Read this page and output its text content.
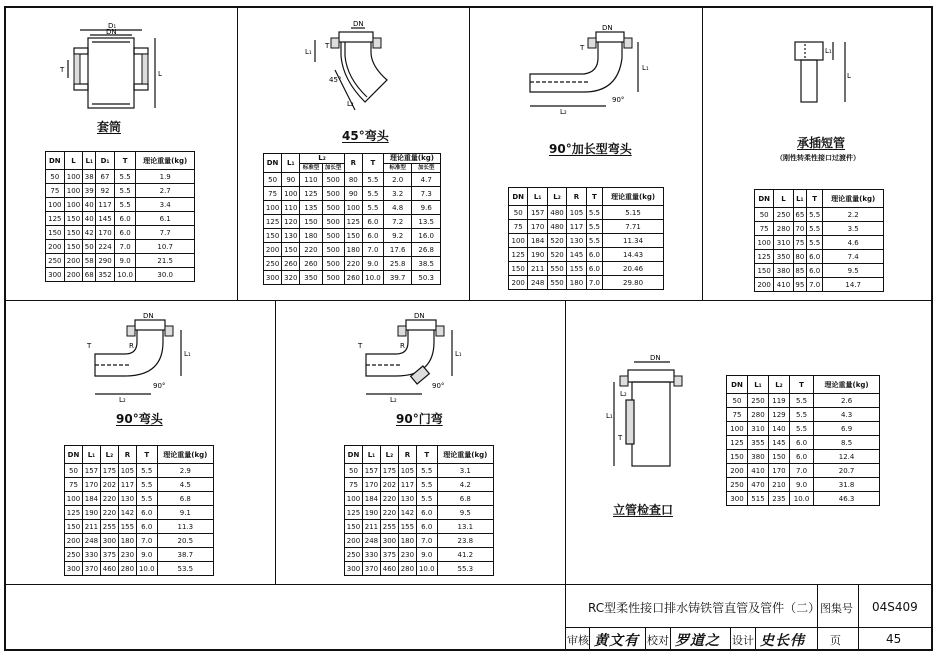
D₁
DN
T	L
套筒
DN	L	L₁	D₁	T	理论重量(kg)
50	100	38	67	5.5	1.9
75	100	39	92	5.5	2.7
100	100	40	117	5.5	3.4
125	150	40	145	6.0	6.1
150	150	42	170	6.0	7.7
200	150	50	224	7.0	10.7
250	200	58	290	9.0	21.5
300	200	68	352	10.0	30.0
DN
T
L₁
45°
L₂
45°弯头
DN	L₁	L₂		R	T	理论重量(kg)	
		标准型	加长型			标准型	加长型
50	90	110	500	80	5.5	2.0	4.7
75	100	125	500	90	5.5	3.2	7.3
100	110	135	500	100	5.5	4.8	9.6
125	120	150	500	125	6.0	7.2	13.5
150	130	180	500	150	6.0	9.2	16.0
200	150	220	500	180	7.0	17.6	26.8
250	260	260	500	220	9.0	25.8	38.5
300	320	350	500	260	10.0	39.7	50.3
DN
T
L₂
L₁
90°
90°加长型弯头
DN	L₁	L₂	R	T	理论重量(kg)
50	157	480	105	5.5	5.15
75	170	480	117	5.5	7.71
100	184	520	130	5.5	11.34
125	190	520	145	6.0	14.43
150	211	550	155	6.0	20.46
200	248	550	180	7.0	29.80
L₁
L
承插短管
（刚性转柔性接口过渡件）
DN	L	L₁	T	理论重量(kg)
50	250	65	5.5	2.2
75	280	70	5.5	3.5
100	310	75	5.5	4.6
125	350	80	6.0	7.4
150	380	85	6.0	9.5
200	410	95	7.0	14.7
DN
T	R
L₂
L₁
90°
90°弯头
DN	L₁	L₂	R	T	理论重量(kg)
50	157	175	105	5.5	2.9
75	170	202	117	5.5	4.5
100	184	220	130	5.5	6.8
125	190	220	142	6.0	9.1
150	211	255	155	6.0	11.3
200	248	300	180	7.0	20.5
250	330	375	230	9.0	38.7
300	370	460	280	10.0	53.5
DN
T	R
L₂
L₁
90°
90°门弯
DN	L₁	L₂	R	T	理论重量(kg)
50	157	175	105	5.5	3.1
75	170	202	117	5.5	4.2
100	184	220	130	5.5	6.8
125	190	220	142	6.0	9.5
150	211	255	155	6.0	13.1
200	248	300	180	7.0	23.8
250	330	375	230	9.0	41.2
300	370	460	280	10.0	55.3
DN
L₁
L₂
T
立管检查口
DN	L₁	L₂	T	理论重量(kg)
50	250	119	5.5	2.6
75	280	129	5.5	4.3
100	310	140	5.5	6.9
125	355	145	6.0	8.5
150	380	150	6.0	12.4
200	410	170	7.0	20.7
250	470	210	9.0	31.8
300	515	235	10.0	46.3
RC型柔性接口排水铸铁管直管及管件（二） 图集号 04S409
审核 黄文有 校对 罗道之 设计 史长伟 页	45
